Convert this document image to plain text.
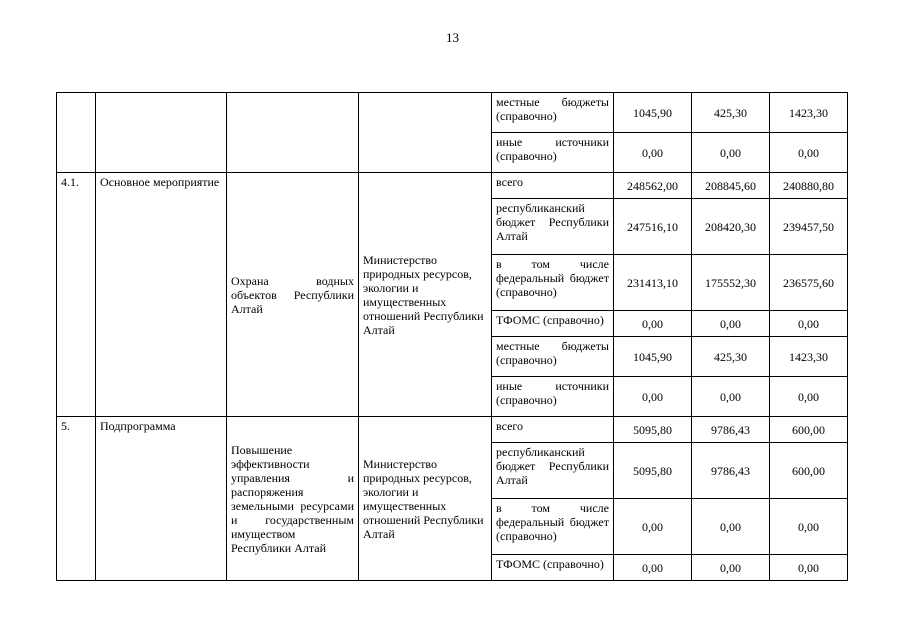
13
				местные бюджеты (справочно)	1045,90	425,30	1423,30
				иные источники (справочно)	0,00	0,00	0,00
4.1.	Основное мероприятие	Охрана водных объектов Республики Алтай	Министерство природных ресурсов, экологии и имущественных отношений Республики Алтай	всего	248562,00	208845,60	240880,80
				республиканский бюджет Республики Алтай	247516,10	208420,30	239457,50
				в том числе федеральный бюджет (справочно)	231413,10	175552,30	236575,60
				ТФОМС (справочно)	0,00	0,00	0,00
				местные бюджеты (справочно)	1045,90	425,30	1423,30
				иные источники (справочно)	0,00	0,00	0,00
5.	Подпрограмма	Повышение эффективности управления и распоряжения земельными ресурсами и государственным имуществом Республики Алтай	Министерство природных ресурсов, экологии и имущественных отношений Республики Алтай	всего	5095,80	9786,43	600,00
				республиканский бюджет Республики Алтай	5095,80	9786,43	600,00
				в том числе федеральный бюджет (справочно)	0,00	0,00	0,00
				ТФОМС (справочно)	0,00	0,00	0,00
